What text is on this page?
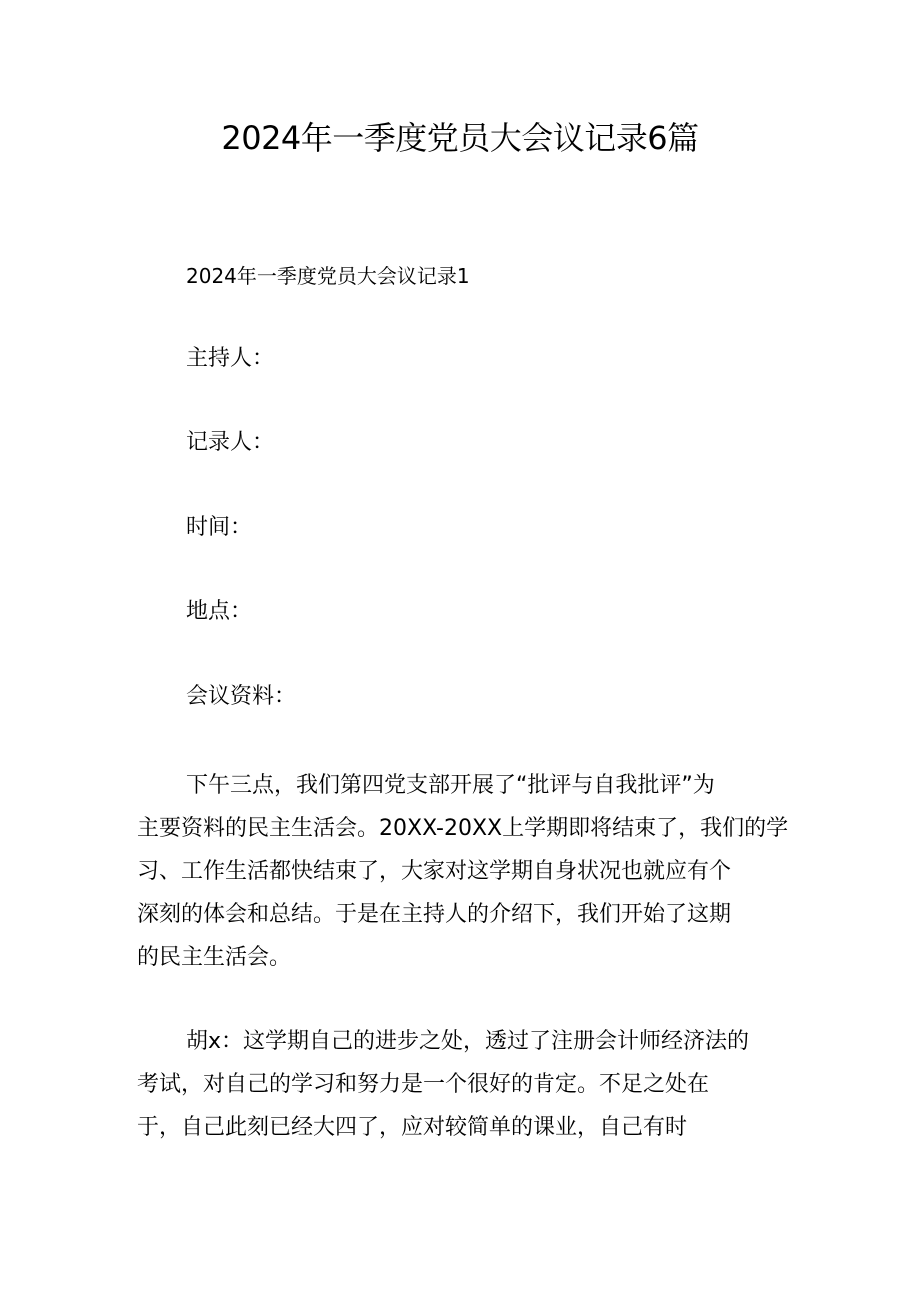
2024年一季度党员大会议记录6篇

2024年一季度党员大会议记录1

主持人：

记录人：

时间：

地点：

会议资料：

下午三点，我们第四党支部开展了“批评与自我批评”为
主要资料的民主生活会。20XX-20XX上学期即将结束了，我们的学
习、工作生活都快结束了，大家对这学期自身状况也就应有个
深刻的体会和总结。于是在主持人的介绍下，我们开始了这期
的民主生活会。
胡x：这学期自己的进步之处，透过了注册会计师经济法的
考试，对自己的学习和努力是一个很好的肯定。不足之处在
于，自己此刻已经大四了，应对较简单的课业，自己有时
